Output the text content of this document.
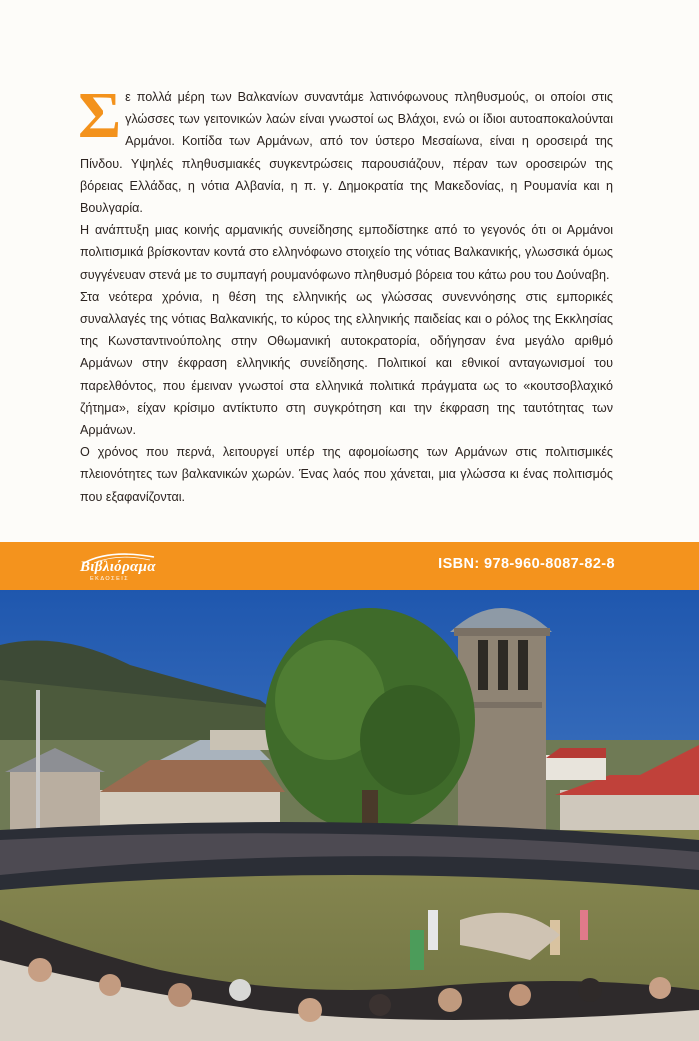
Σε πολλά μέρη των Βαλκανίων συναντάμε λατινόφωνους πληθυσμούς, οι οποίοι στις γλώσσες των γειτονικών λαών είναι γνωστοί ως Βλάχοι, ενώ οι ίδιοι αυτοαποκαλούνται Αρμάνοι. Κοιτίδα των Αρμάνων, από τον ύστερο Μεσαίωνα, είναι η οροσειρά της Πίνδου. Υψηλές πληθυσμιακές συγκεντρώσεις παρουσιάζουν, πέραν των οροσειρών της βόρειας Ελλάδας, η νότια Αλβανία, η π. γ. Δημοκρατία της Μακεδονίας, η Ρουμανία και η Βουλγαρία.

Η ανάπτυξη μιας κοινής αρμανικής συνείδησης εμποδίστηκε από το γεγονός ότι οι Αρμάνοι πολιτισμικά βρίσκονταν κοντά στο ελληνόφωνο στοιχείο της νότιας Βαλκανικής, γλωσσικά όμως συγγένευαν στενά με το συμπαγή ρουμανόφωνο πληθυσμό βόρεια του κάτω ρου του Δούναβη.

Στα νεότερα χρόνια, η θέση της ελληνικής ως γλώσσας συνεννόησης στις εμπορικές συναλλαγές της νότιας Βαλκανικής, το κύρος της ελληνικής παιδείας και ο ρόλος της Εκκλησίας της Κωνσταντινούπολης στην Οθωμανική αυτοκρατορία, οδήγησαν ένα μεγάλο αριθμό Αρμάνων στην έκφραση ελληνικής συνείδησης. Πολιτικοί και εθνικοί ανταγωνισμοί του παρελθόντος, που έμειναν γνωστοί στα ελληνικά πολιτικά πράγματα ως το «κουτσοβλαχικό ζήτημα», είχαν κρίσιμο αντίκτυπο στη συγκρότηση και την έκφραση της ταυτότητας των Αρμάνων.

Ο χρόνος που περνά, λειτουργεί υπέρ της αφομοίωσης των Αρμάνων στις πολιτισμικές πλειονότητες των βαλκανικών χωρών. Ένας λαός που χάνεται, μια γλώσσα κι ένας πολιτισμός που εξαφανίζονται.

Βιβλιόραμα
ΕΚΔΟΣΕΙΣ
ISBN: 978-960-8087-82-8
